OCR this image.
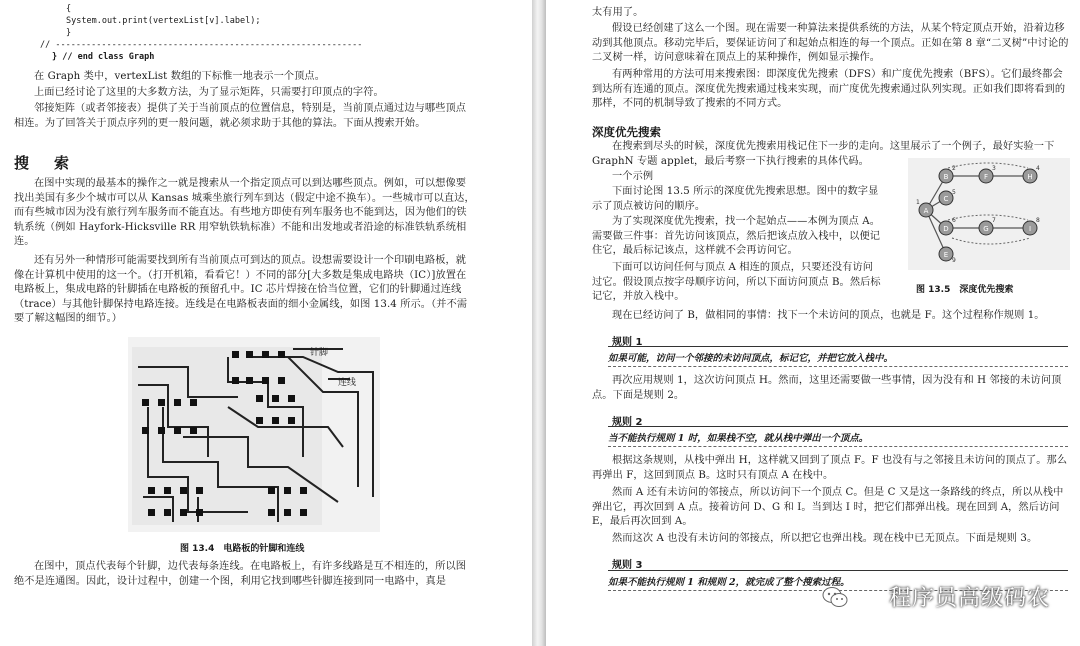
{
System.out.print(vertexList[v].label);
}
// ------------------------------------------------------------
} // end class Graph

在 Graph 类中，vertexList 数组的下标惟一地表示一个顶点。

上面已经讨论了这里的大多数方法，为了显示矩阵，只需要打印顶点的字符。

邻接矩阵（或者邻接表）提供了关于当前顶点的位置信息，特别是，当前顶点通过边与哪些顶点相连。为了回答关于顶点序列的更一般问题，就必须求助于其他的算法。下面从搜索开始。

搜　索

在图中实现的最基本的操作之一就是搜索从一个指定顶点可以到达哪些顶点。例如，可以想像要找出美国有多少个城市可以从 Kansas 城乘坐旅行列车到达（假定中途不换车）。一些城市可以直达，而有些城市因为没有旅行列车服务而不能直达。有些地方即使有列车服务也不能到达，因为他们的铁轨系统（例如 Hayfork-Hicksville RR 用窄轨铁轨标准）不能和出发地或者沿途的标准铁轨系统相连。

还有另外一种情形可能需要找到所有当前顶点可到达的顶点。设想需要设计一个印刷电路板，就像在计算机中使用的这一个。（打开机箱，看看它！）不同的部分[大多数是集成电路块（IC）]放置在电路板上，集成电路的针脚插在电路板的预留孔中。IC 芯片焊接在恰当位置，它们的针脚通过连线（trace）与其他针脚保持电路连接。连线是在电路板表面的细小金属线，如图 13.4 所示。（并不需要了解这幅图的细节。）

针脚
连线
图 13.4　电路板的针脚和连线

在图中，顶点代表每个针脚，边代表每条连线。在电路板上，有许多线路是互不相连的，所以图绝不是连通图。因此，设计过程中，创建一个图，利用它找到哪些针脚连接到同一电路中，真是

太有用了。

假设已经创建了这么一个图。现在需要一种算法来提供系统的方法，从某个特定顶点开始，沿着边移动到其他顶点。移动完毕后，要保证访问了和起始点相连的每一个顶点。正如在第 8 章“二叉树”中讨论的二叉树一样，访问意味着在顶点上的某种操作，例如显示操作。

有两种常用的方法可用来搜索图：即深度优先搜索（DFS）和广度优先搜索（BFS）。它们最终都会到达所有连通的顶点。深度优先搜索通过栈来实现，而广度优先搜索通过队列实现。正如我们即将看到的那样，不同的机制导致了搜索的不同方式。

深度优先搜索

在搜索到尽头的时候，深度优先搜索用栈记住下一步的走向。这里展示了一个例子，最好实验一下 GraphN 专题 applet，最后考察一下执行搜索的具体代码。

一个示例

下面讨论图 13.5 所示的深度优先搜索思想。图中的数字显示了顶点被访问的顺序。

为了实现深度优先搜索，找一个起始点——本例为顶点 A。需要做三件事：首先访问该顶点，然后把该点放入栈中，以便记住它，最后标记该点，这样就不会再访问它。

下面可以访问任何与顶点 A 相连的顶点，只要还没有访问过它。假设顶点按字母顺序访问，所以下面访问顶点 B。然后标记它，并放入栈中。

A
B	F	H
C
D	G	I
E
1
2	3	4
5
6	7	8
9
图 13.5　深度优先搜索

现在已经访问了 B，做相同的事情：找下一个未访问的顶点，也就是 F。这个过程称作规则 1。

规则 1
如果可能，访问一个邻接的未访问顶点，标记它，并把它放入栈中。

再次应用规则 1，这次访问顶点 H。然而，这里还需要做一些事情，因为没有和 H 邻接的未访问顶点。下面是规则 2。

规则 2
当不能执行规则 1 时，如果栈不空，就从栈中弹出一个顶点。

根据这条规则，从栈中弹出 H，这样就又回到了顶点 F。F 也没有与之邻接且未访问的顶点了。那么再弹出 F，这回到顶点 B。这时只有顶点 A 在栈中。

然而 A 还有未访问的邻接点，所以访问下一个顶点 C。但是 C 又是这一条路线的终点，所以从栈中弹出它，再次回到 A 点。接着访问 D、G 和 I。当到达 I 时，把它们都弹出栈。现在回到 A，然后访问 E，最后再次回到 A。

然而这次 A 也没有未访问的邻接点，所以把它也弹出栈。现在栈中已无顶点。下面是规则 3。

规则 3
如果不能执行规则 1 和规则 2，就完成了整个搜索过程。
程序员高级码农
